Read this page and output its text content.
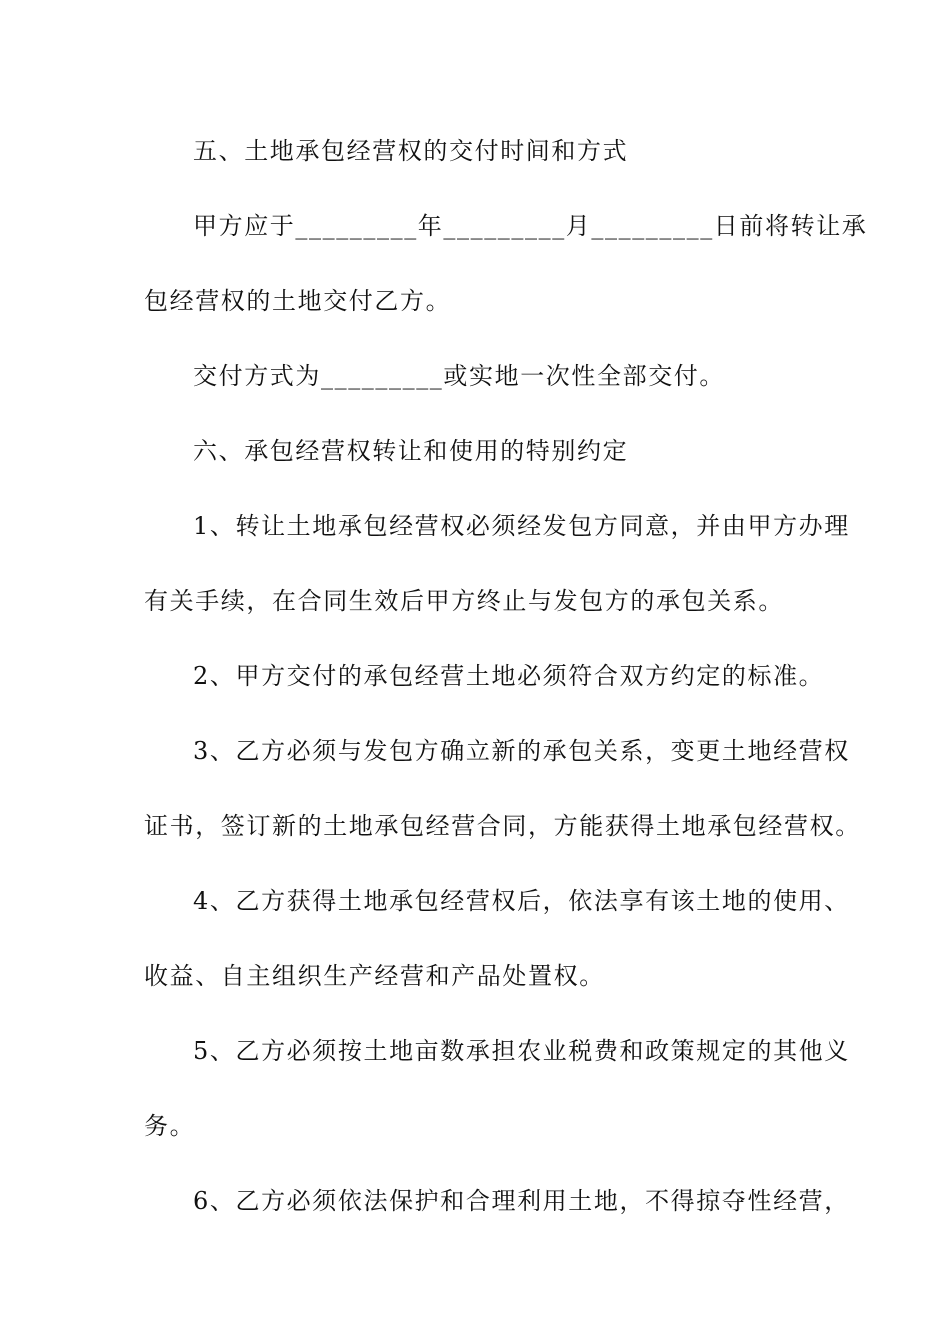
五、土地承包经营权的交付时间和方式
甲方应于_________年_________月_________日前将转让承
包经营权的土地交付乙方。
交付方式为_________或实地一次性全部交付。
六、承包经营权转让和使用的特别约定
1、转让土地承包经营权必须经发包方同意，并由甲方办理
有关手续，在合同生效后甲方终止与发包方的承包关系。
2、甲方交付的承包经营土地必须符合双方约定的标准。
3、乙方必须与发包方确立新的承包关系，变更土地经营权
证书，签订新的土地承包经营合同，方能获得土地承包经营权。
4、乙方获得土地承包经营权后，依法享有该土地的使用、
收益、自主组织生产经营和产品处置权。
5、乙方必须按土地亩数承担农业税费和政策规定的其他义
务。
6、乙方必须依法保护和合理利用土地，不得掠夺性经营，
